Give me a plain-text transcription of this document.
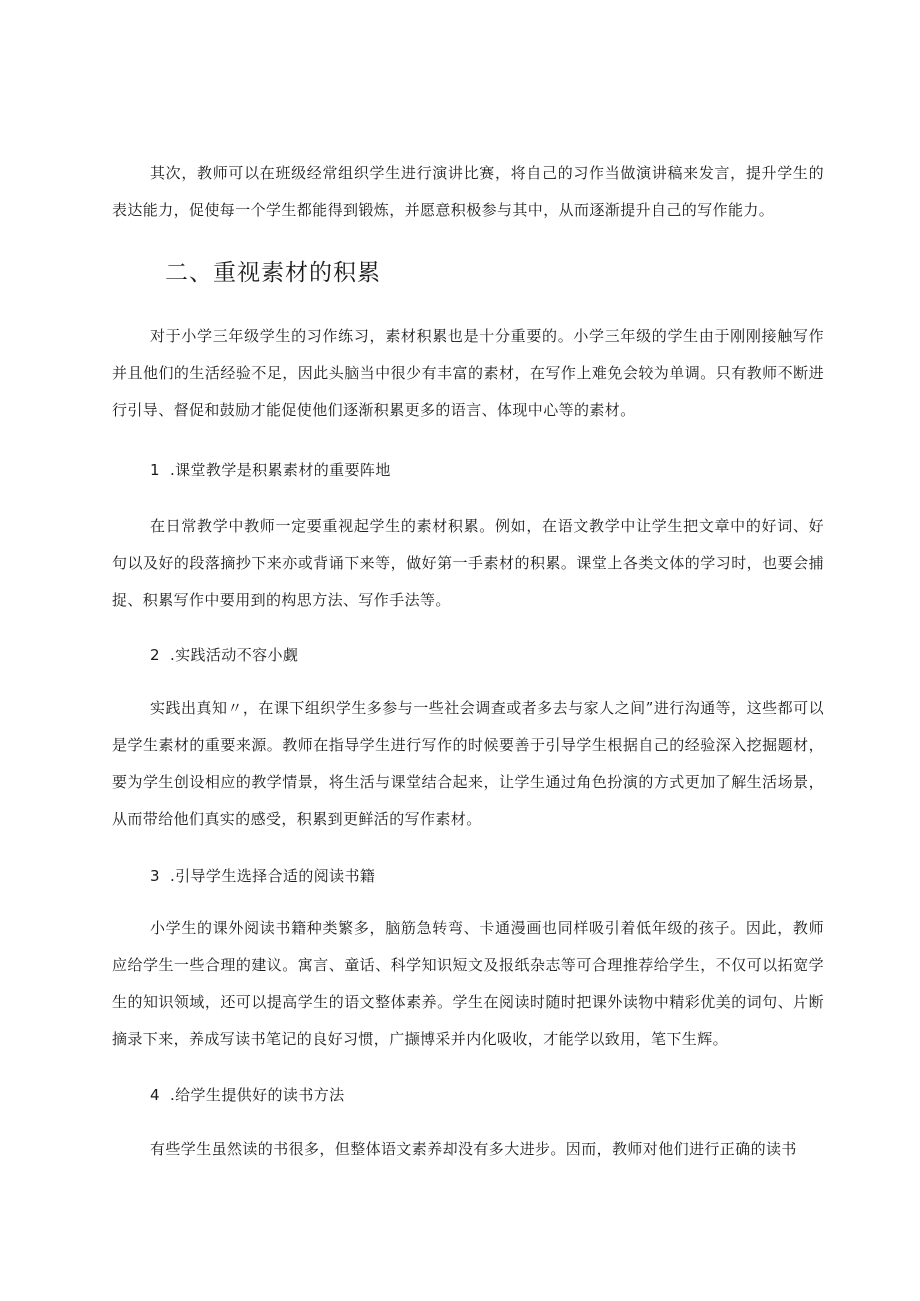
其次，教师可以在班级经常组织学生进行演讲比赛，将自己的习作当做演讲稿来发言，提升学生的表达能力，促使每一个学生都能得到锻炼，并愿意积极参与其中，从而逐渐提升自己的写作能力。

二、重视素材的积累

对于小学三年级学生的习作练习，素材积累也是十分重要的。小学三年级的学生由于刚刚接触写作并且他们的生活经验不足，因此头脑当中很少有丰富的素材，在写作上难免会较为单调。只有教师不断进行引导、督促和鼓励才能促使他们逐渐积累更多的语言、体现中心等的素材。

1 .课堂教学是积累素材的重要阵地

在日常教学中教师一定要重视起学生的素材积累。例如，在语文教学中让学生把文章中的好词、好句以及好的段落摘抄下来亦或背诵下来等，做好第一手素材的积累。课堂上各类文体的学习时，也要会捕捉、积累写作中要用到的构思方法、写作手法等。

2 .实践活动不容小觑

实践出真知〃，在课下组织学生多参与一些社会调查或者多去与家人之间”进行沟通等，这些都可以是学生素材的重要来源。教师在指导学生进行写作的时候要善于引导学生根据自己的经验深入挖掘题材，要为学生创设相应的教学情景，将生活与课堂结合起来，让学生通过角色扮演的方式更加了解生活场景，从而带给他们真实的感受，积累到更鲜活的写作素材。

3 .引导学生选择合适的阅读书籍

小学生的课外阅读书籍种类繁多，脑筋急转弯、卡通漫画也同样吸引着低年级的孩子。因此，教师应给学生一些合理的建议。寓言、童话、科学知识短文及报纸杂志等可合理推荐给学生，不仅可以拓宽学生的知识领域，还可以提高学生的语文整体素养。学生在阅读时随时把课外读物中精彩优美的词句、片断摘录下来，养成写读书笔记的良好习惯，广撷博采并内化吸收，才能学以致用，笔下生辉。

4 .给学生提供好的读书方法

有些学生虽然读的书很多，但整体语文素养却没有多大进步。因而，教师对他们进行正确的读书
